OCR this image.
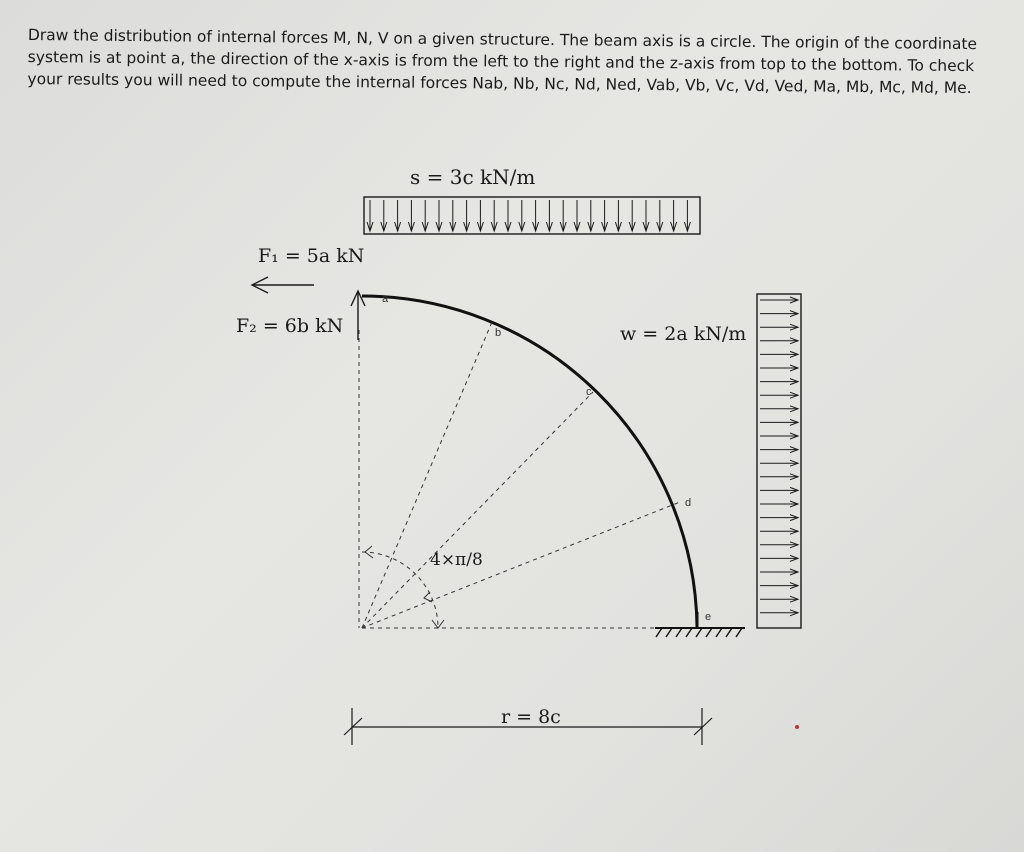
Draw the distribution of internal forces M, N, V on a given structure. The beam axis is a circle. The origin of the coordinate system is at point a, the direction of the x-axis is from the left to the right and the z-axis from top to the bottom. To check your results you will need to compute the internal forces Nab, Nb, Nc, Nd, Ned, Vab, Vb, Vc, Vd, Ved, Ma, Mb, Mc, Md, Me.

s = 3c kN/m
w = 2a kN/m
F₁ = 5a kN
F₂ = 6b kN
4×π/8
a
b
c
d
e
r = 8c
